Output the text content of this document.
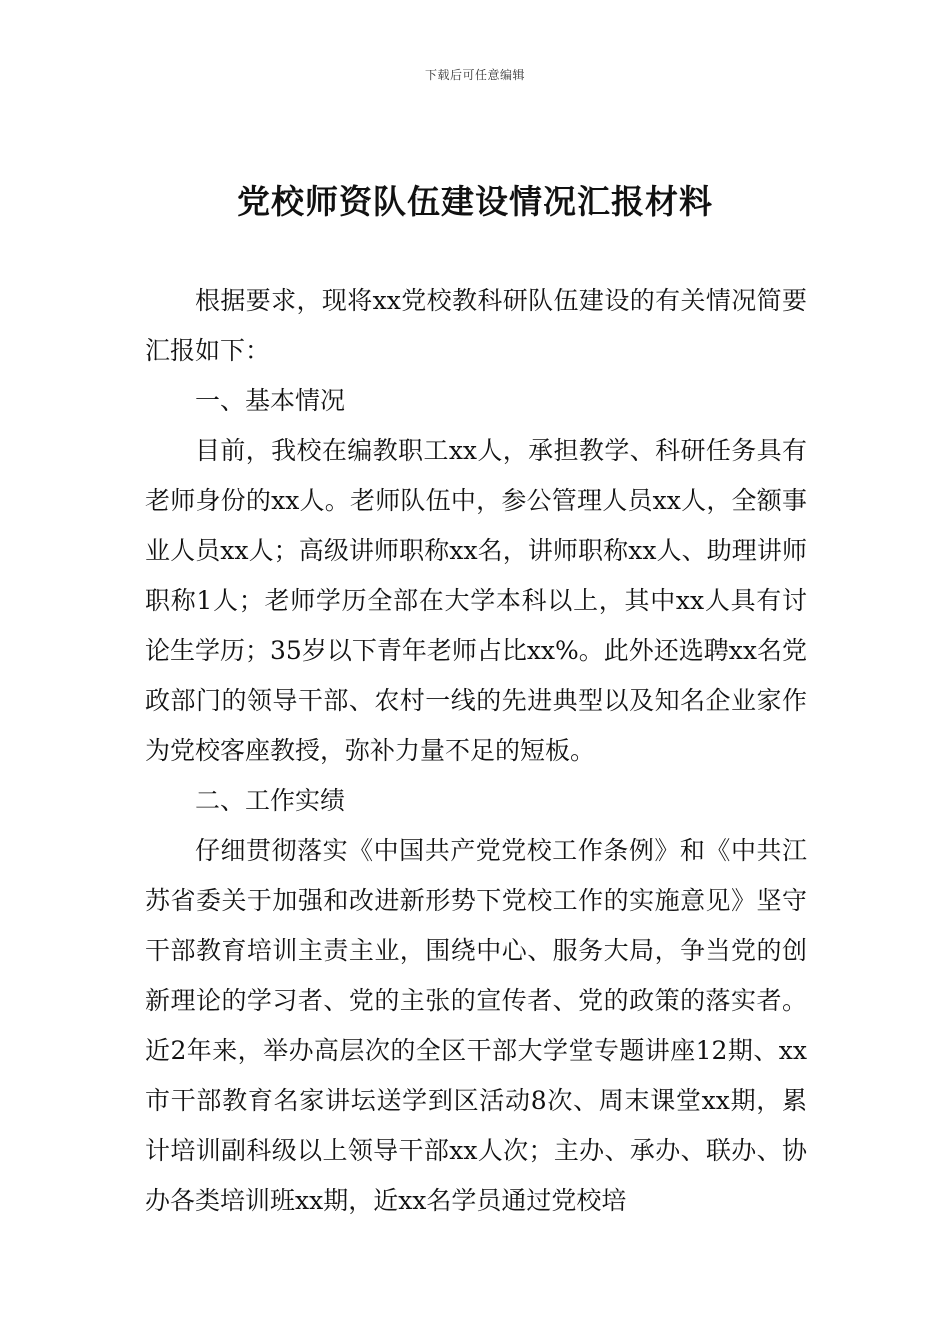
下载后可任意编辑
党校师资队伍建设情况汇报材料

根据要求，现将xx党校教科研队伍建设的有关情况简要汇报如下：

一、基本情况

目前，我校在编教职工xx人，承担教学、科研任务具有老师身份的xx人。老师队伍中，参公管理人员xx人，全额事业人员xx人；高级讲师职称xx名，讲师职称xx人、助理讲师职称1人；老师学历全部在大学本科以上，其中xx人具有讨论生学历；35岁以下青年老师占比xx%。此外还选聘xx名党政部门的领导干部、农村一线的先进典型以及知名企业家作为党校客座教授，弥补力量不足的短板。

二、工作实绩

仔细贯彻落实《中国共产党党校工作条例》和《中共江苏省委关于加强和改进新形势下党校工作的实施意见》坚守干部教育培训主责主业，围绕中心、服务大局，争当党的创新理论的学习者、党的主张的宣传者、党的政策的落实者。近2年来，举办高层次的全区干部大学堂专题讲座12期、xx市干部教育名家讲坛送学到区活动8次、周末课堂xx期，累计培训副科级以上领导干部xx人次；主办、承办、联办、协办各类培训班xx期，近xx名学员通过党校培
